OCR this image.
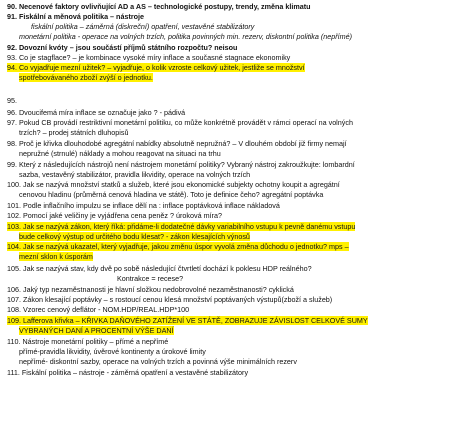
90. Necenové faktory ovlivňující AD a AS – technologické postupy, trendy, změna klimatu
91. Fiskální a měnová politika – nástroje
fiskální politika – záměrná (diskreční) opatření, vestavěné stabilizátory
monetární politika - operace na volných trzích, politika povinných min. rezerv, diskontní politika (nepřímé)
92. Dovozní kvóty – jsou součástí příjmů státního rozpočtu? neisou
93. Co je stagflace? – je kombinace vysoké míry inflace a současné stagnace ekonomiky
94. Co vyjadřuje mezní užitek? – vyjadřuje, o kolik vzroste celkový užitek, jestliže se množství
spotřebovávaného zboží zvýší o jednotku.
95.
96. Dvoucifemá míra inflace se označuje jako ? - pádivá
97. Pokud CB provádí restriktivní monetární politiku, co může konkrétně provádět v rámci operací na volných
trzích? – prodej státních dluhopisů
98. Proč je křivka dlouhodobé agregátní nabídky absolutně nepružná? – V dlouhém období již firmy nemají
nepružné (strnulé) náklady a mohou reagovat na situaci na trhu
99. Který z následujících nástrojů není nástrojem monetární politiky? Vybraný nástroj zakroužkujte: lombardní
sazba, vestavěný stabilizátor, pravidla likvidity, operace na volných trzích
100. Jak se nazývá množství statků a služeb, které jsou ekonomické subjekty ochotny koupit a agregátní
cenovou hladinu (průměrná cenová hladina ve státě). Toto je definice čeho? agregátní poptávka
101. Podle inflačního impulzu se inflace dělí na : inflace poptávková inflace nákladová
102. Pomocí jaké veličiny je vyjádřena cena peněz ? úroková míra?
103. Jak se nazývá zákon, který říká: přidáme-li dodatečné dávky variabilního vstupu k pevně danému vstupu
bude celkový výstup od určitého bodu klesat? - zákon klesajících výnosů
104. Jak se nazývá ukazatel, který vyjadřuje, jakou změnu úspor vyvolá změna důchodu o jednotku? mps –
mezní sklon k úsporám
105. Jak se nazývá stav, kdy dvě po sobě následující čtvrtletí dochází k poklesu HDP reálného?
Kontrakce = recese?
106. Jaký typ nezaměstnanosti je hlavní složkou nedobrovolné nezaměstnanosti? cyklická
107. Zákon klesající poptávky – s rostoucí cenou klesá množství poptávaných výstupů(zboží a služeb)
108. Vzorec cenový deflátor - NOM.HDP/REAL.HDP*100
109. Lafferova křivka – KŘIVKA DAŇOVÉHO ZATÍŽENÍ VE STÁTĚ, ZOBRAZUJE ZÁVISLOST CELKOVÉ SUMY
VYBRANÝCH DANÍ A PROCENTNÍ VÝŠE DANÍ
110. Nástroje monetární politiky – přímé a nepřímé
přímé-pravidla likvidity, úvěrové kontinenty a úrokové limity
nepřímé- diskontní sazby, operace na volných trzích a povinná výše minimálních rezerv
111. Fiskální politika – nástroje - záměrná opatření a vestavěné stabilizátory
